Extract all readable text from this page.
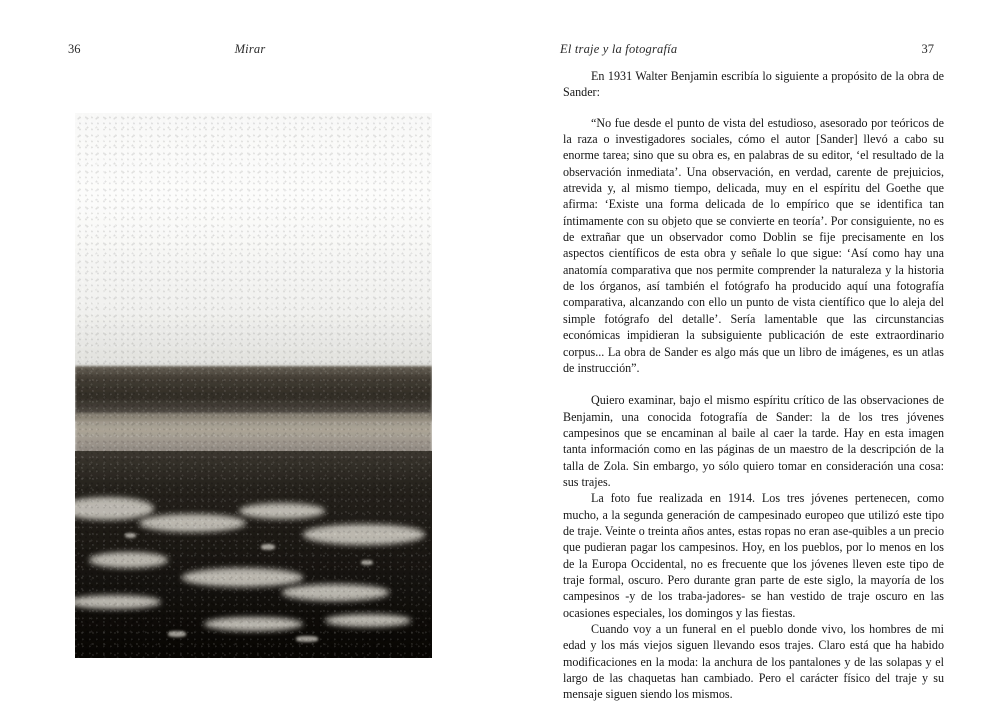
36	Mirar	El traje y la fotografía	37

En 1931 Walter Benjamin escribía lo siguiente a propósito de la obra de Sander:

“No fue desde el punto de vista del estudioso, asesorado por teóricos de la raza o investigadores sociales, cómo el autor [Sander] llevó a cabo su enorme tarea; sino que su obra es, en palabras de su editor, ‘el resultado de la observación inmediata’. Una observación, en verdad, carente de prejuicios, atrevida y, al mismo tiempo, delicada, muy en el espíritu del Goethe que afirma: ‘Existe una forma delicada de lo empírico que se identifica tan íntimamente con su objeto que se convierte en teoría’. Por consiguiente, no es de extrañar que un observador como Doblin se fije precisamente en los aspectos científicos de esta obra y señale lo que sigue: ‘Así como hay una anatomía comparativa que nos permite comprender la naturaleza y la historia de los órganos, así también el fotógrafo ha producido aquí una fotografía comparativa, alcanzando con ello un punto de vista científico que lo aleja del simple fotógrafo del detalle’. Sería lamentable que las circunstancias económicas impidieran la subsiguiente publicación de este extraordinario corpus... La obra de Sander es algo más que un libro de imágenes, es un atlas de instrucción”.

Quiero examinar, bajo el mismo espíritu crítico de las observaciones de Benjamin, una conocida fotografía de Sander: la de los tres jóvenes campesinos que se encaminan al baile al caer la tarde. Hay en esta imagen tanta información como en las páginas de un maestro de la descripción de la talla de Zola. Sin embargo, yo sólo quiero tomar en consideración una cosa: sus trajes.

La foto fue realizada en 1914. Los tres jóvenes pertenecen, como mucho, a la segunda generación de campesinado europeo que utilizó este tipo de traje. Veinte o treinta años antes, estas ropas no eran ase-quibles a un precio que pudieran pagar los campesinos. Hoy, en los pueblos, por lo menos en los de la Europa Occidental, no es frecuente que los jóvenes lleven este tipo de traje formal, oscuro. Pero durante gran parte de este siglo, la mayoría de los campesinos -y de los traba-jadores- se han vestido de traje oscuro en las ocasiones especiales, los domingos y las fiestas.

Cuando voy a un funeral en el pueblo donde vivo, los hombres de mi edad y los más viejos siguen llevando esos trajes. Claro está que ha habido modificaciones en la moda: la anchura de los pantalones y de las solapas y el largo de las chaquetas han cambiado. Pero el carácter físico del traje y su mensaje siguen siendo los mismos.
